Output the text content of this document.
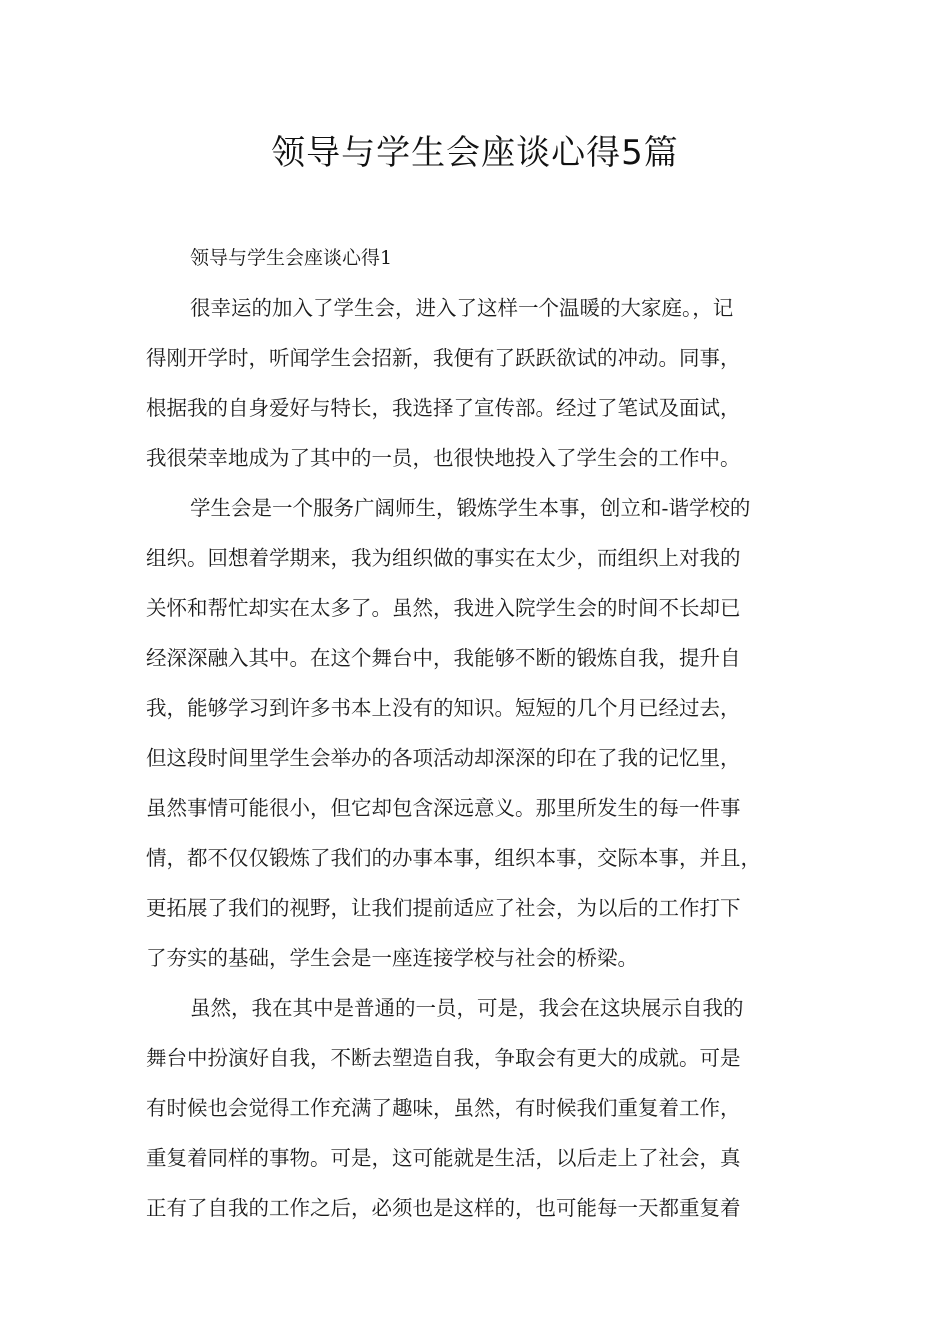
领导与学生会座谈心得5篇
领导与学生会座谈心得1
很幸运的加入了学生会，进入了这样一个温暖的大家庭。，记
得刚开学时，听闻学生会招新，我便有了跃跃欲试的冲动。同事，
根据我的自身爱好与特长，我选择了宣传部。经过了笔试及面试，
我很荣幸地成为了其中的一员，也很快地投入了学生会的工作中。
学生会是一个服务广阔师生，锻炼学生本事，创立和-谐学校的
组织。回想着学期来，我为组织做的事实在太少，而组织上对我的
关怀和帮忙却实在太多了。虽然，我进入院学生会的时间不长却已
经深深融入其中。在这个舞台中，我能够不断的锻炼自我，提升自
我，能够学习到许多书本上没有的知识。短短的几个月已经过去，
但这段时间里学生会举办的各项活动却深深的印在了我的记忆里，
虽然事情可能很小，但它却包含深远意义。那里所发生的每一件事
情，都不仅仅锻炼了我们的办事本事，组织本事，交际本事，并且，
更拓展了我们的视野，让我们提前适应了社会，为以后的工作打下
了夯实的基础，学生会是一座连接学校与社会的桥梁。
虽然，我在其中是普通的一员，可是，我会在这块展示自我的
舞台中扮演好自我，不断去塑造自我，争取会有更大的成就。可是
有时候也会觉得工作充满了趣味，虽然，有时候我们重复着工作，
重复着同样的事物。可是，这可能就是生活，以后走上了社会，真
正有了自我的工作之后，必须也是这样的，也可能每一天都重复着
